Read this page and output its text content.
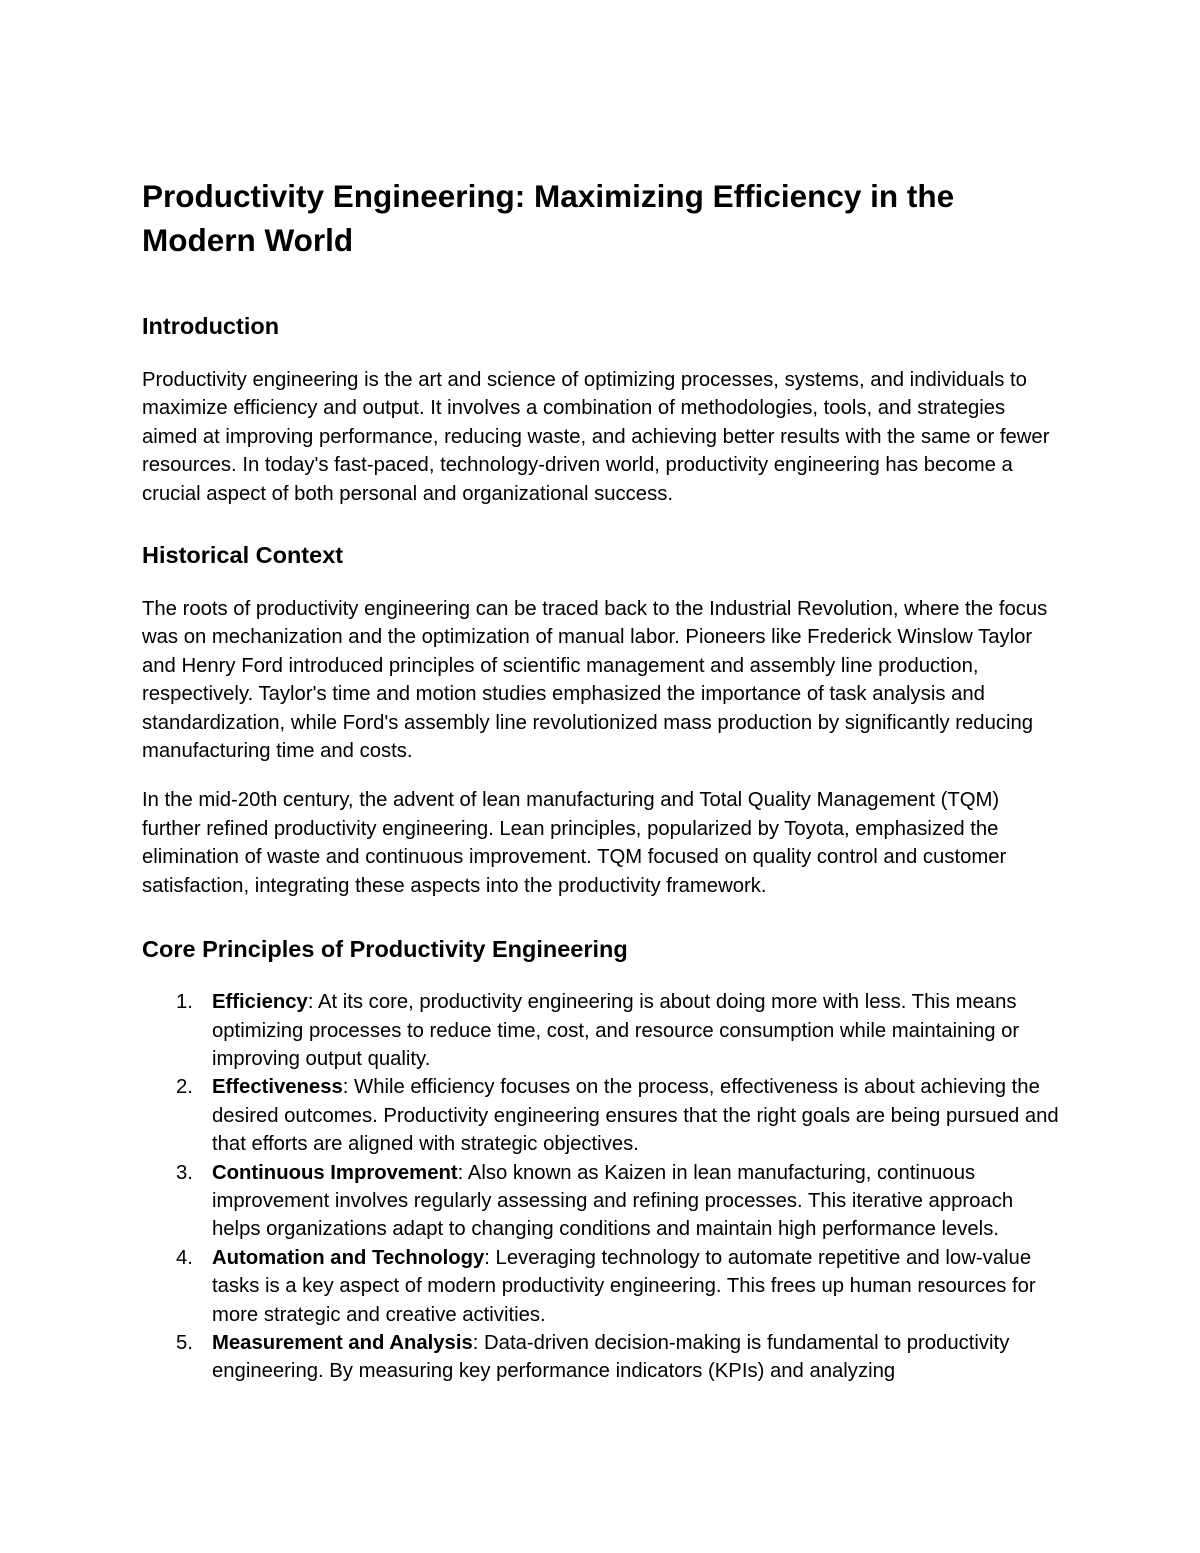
Productivity Engineering: Maximizing Efficiency in the Modern World
Introduction

Productivity engineering is the art and science of optimizing processes, systems, and individuals to maximize efficiency and output. It involves a combination of methodologies, tools, and strategies aimed at improving performance, reducing waste, and achieving better results with the same or fewer resources. In today's fast-paced, technology-driven world, productivity engineering has become a crucial aspect of both personal and organizational success.

Historical Context

The roots of productivity engineering can be traced back to the Industrial Revolution, where the focus was on mechanization and the optimization of manual labor. Pioneers like Frederick Winslow Taylor and Henry Ford introduced principles of scientific management and assembly line production, respectively. Taylor's time and motion studies emphasized the importance of task analysis and standardization, while Ford's assembly line revolutionized mass production by significantly reducing manufacturing time and costs.

In the mid-20th century, the advent of lean manufacturing and Total Quality Management (TQM) further refined productivity engineering. Lean principles, popularized by Toyota, emphasized the elimination of waste and continuous improvement. TQM focused on quality control and customer satisfaction, integrating these aspects into the productivity framework.

Core Principles of Productivity Engineering
1. Efficiency: At its core, productivity engineering is about doing more with less. This means optimizing processes to reduce time, cost, and resource consumption while maintaining or improving output quality.
2. Effectiveness: While efficiency focuses on the process, effectiveness is about achieving the desired outcomes. Productivity engineering ensures that the right goals are being pursued and that efforts are aligned with strategic objectives.
3. Continuous Improvement: Also known as Kaizen in lean manufacturing, continuous improvement involves regularly assessing and refining processes. This iterative approach helps organizations adapt to changing conditions and maintain high performance levels.
4. Automation and Technology: Leveraging technology to automate repetitive and low-value tasks is a key aspect of modern productivity engineering. This frees up human resources for more strategic and creative activities.
5. Measurement and Analysis: Data-driven decision-making is fundamental to productivity engineering. By measuring key performance indicators (KPIs) and analyzing
